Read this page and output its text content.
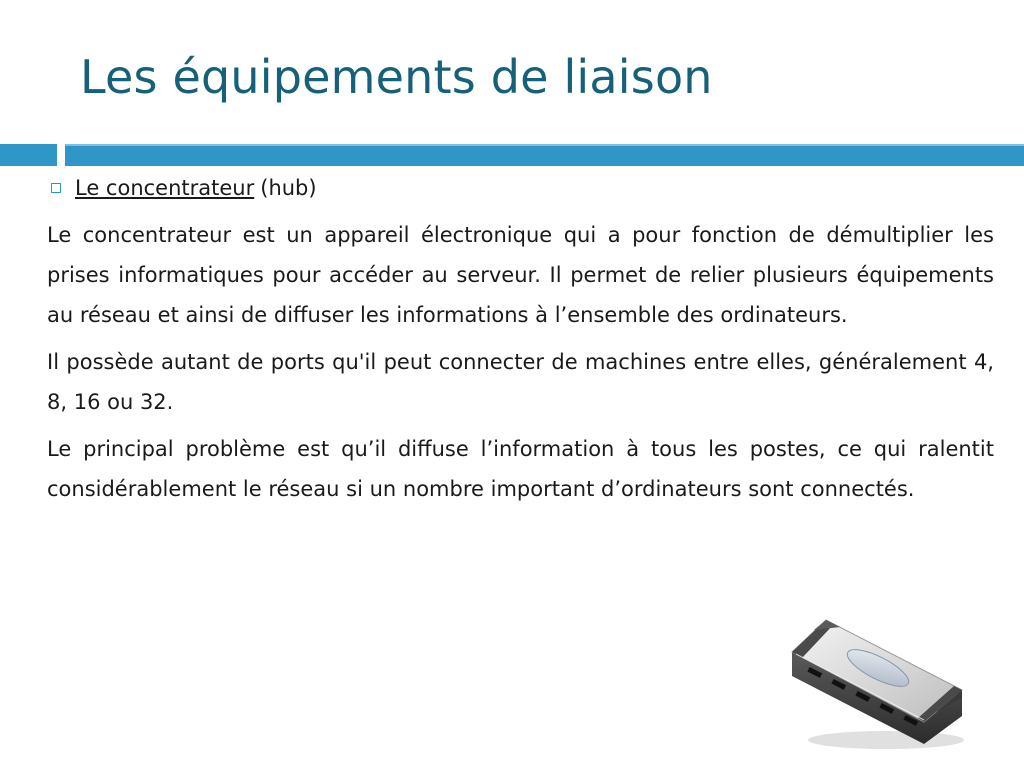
Les équipements de liaison
Le concentrateur (hub)

Le concentrateur est un appareil électronique qui a pour fonction de démultiplier les prises informatiques pour accéder au serveur. Il permet de relier plusieurs équipements au réseau et ainsi de diffuser les informations à l’ensemble des ordinateurs.

Il possède autant de ports qu'il peut connecter de machines entre elles, généralement 4, 8, 16 ou 32.

Le principal problème est qu’il diffuse l’information à tous les postes, ce qui ralentit considérablement le réseau si un nombre important d’ordinateurs sont connectés.
